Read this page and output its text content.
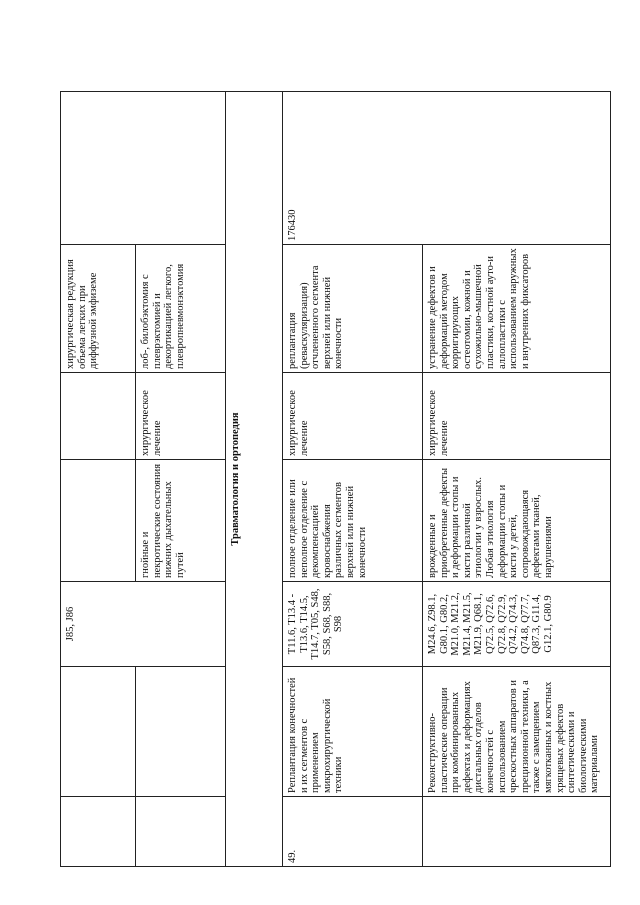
		J85, J86			хирургическая редукция объема легких при диффузной эмфиземе	
			гнойные и некротические состояния нижних дыхательных путей	хирургическое лечение	лоб-, билобэктомия с плеврэктомией и декортикацией легкого, плевропневмонэктомия	
Травматология и ортопедия						
49.	Реплантация конечностей и их сегментов с применением микрохирургической техники	T11.6, T13.4 - T13.6, T14.5, T14.7, T05, S48, S58, S68, S88, S98	полное отделение или неполное отделение с декомпенсацией кровоснабжения различных сегментов верхней или нижней конечности	хирургическое лечение	реплантация (реваскуляризация) отчлененного сегмента верхней или нижней конечности	176430
	Реконструктивно-пластические операции при комбинированных дефектах и деформациях дистальных отделов конечностей с использованием чрескостных аппаратов и прецизионной техники, а также с замещением мягкотканных и костных хрящевых дефектов синтетическими и биологическими материалами	M24.6, Z98.1, G80.1, G80.2, M21.0, M21.2, M21.4, M21.5, M21.9, Q68.1, Q72.5, Q72.6, Q72.8, Q72.9, Q74.2, Q74.3, Q74.8, Q77.7, Q87.3, G11.4, G12.1, G80.9	врожденные и приобретенные дефекты и деформации стопы и кисти различной этиологии у взрослых. Любая этиология деформации стопы и кисти у детей, сопровождающаяся дефектами тканей, нарушениями	хирургическое лечение	устранение дефектов и деформаций методом корригирующих остеотомии, кожной и сухожильно-мышечной пластики, костной ауто-и аллопластики с использованием наружных и внутренних фиксаторов	
